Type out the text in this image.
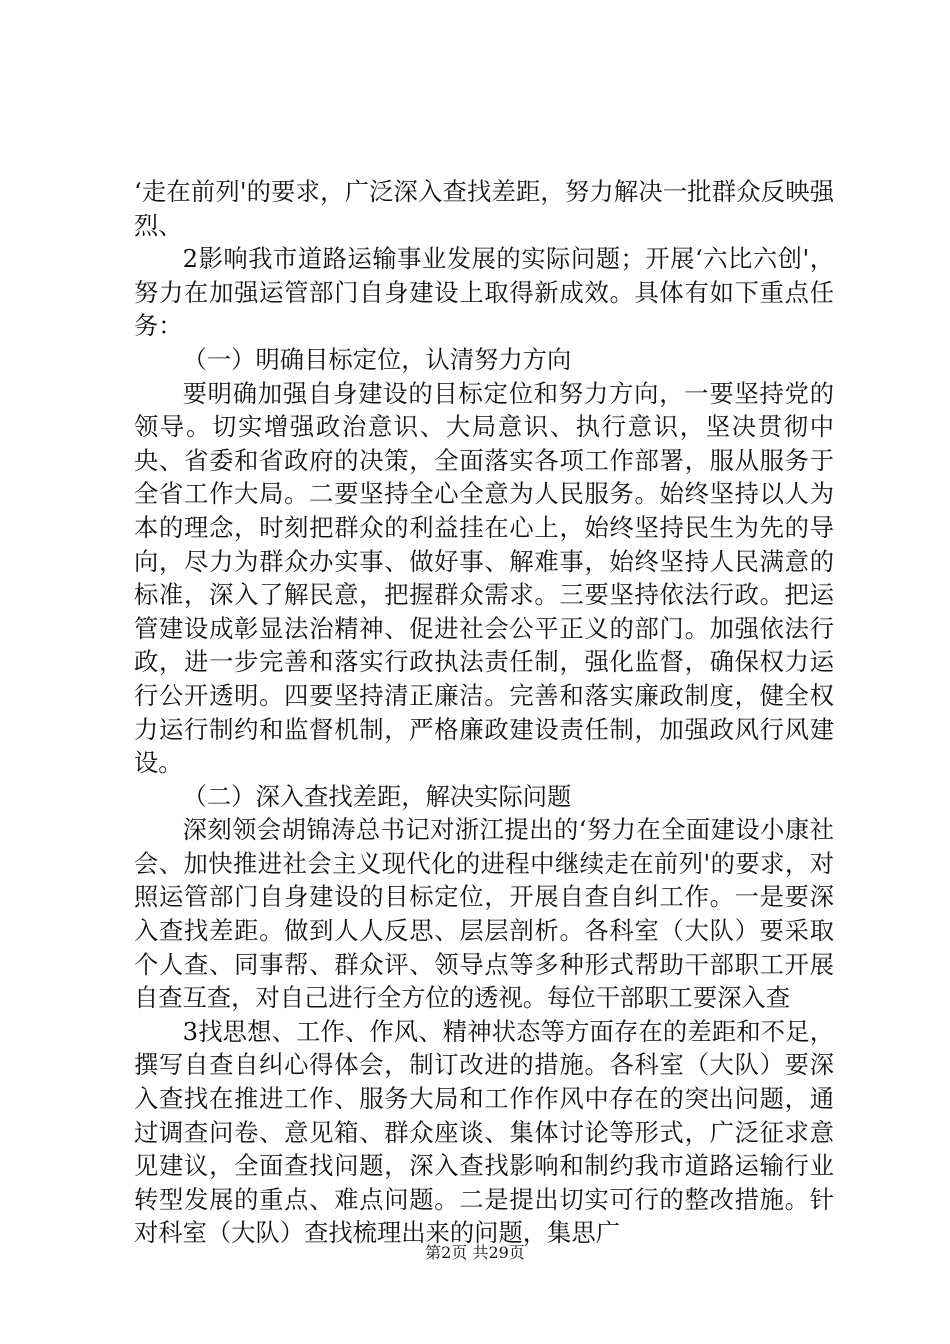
‘走在前列'的要求，广泛深入查找差距，努力解决一批群众反映强烈、

2影响我市道路运输事业发展的实际问题；开展‘六比六创'，努力在加强运管部门自身建设上取得新成效。具体有如下重点任务：

（一）明确目标定位，认清努力方向

要明确加强自身建设的目标定位和努力方向，一要坚持党的领导。切实增强政治意识、大局意识、执行意识，坚决贯彻中央、省委和省政府的决策，全面落实各项工作部署，服从服务于全省工作大局。二要坚持全心全意为人民服务。始终坚持以人为本的理念，时刻把群众的利益挂在心上，始终坚持民生为先的导向，尽力为群众办实事、做好事、解难事，始终坚持人民满意的标准，深入了解民意，把握群众需求。三要坚持依法行政。把运管建设成彰显法治精神、促进社会公平正义的部门。加强依法行政，进一步完善和落实行政执法责任制，强化监督，确保权力运行公开透明。四要坚持清正廉洁。完善和落实廉政制度，健全权力运行制约和监督机制，严格廉政建设责任制，加强政风行风建设。

（二）深入查找差距，解决实际问题

深刻领会胡锦涛总书记对浙江提出的‘努力在全面建设小康社会、加快推进社会主义现代化的进程中继续走在前列'的要求，对照运管部门自身建设的目标定位，开展自查自纠工作。一是要深入查找差距。做到人人反思、层层剖析。各科室（大队）要采取个人查、同事帮、群众评、领导点等多种形式帮助干部职工开展自查互查，对自己进行全方位的透视。每位干部职工要深入查

3找思想、工作、作风、精神状态等方面存在的差距和不足，撰写自查自纠心得体会，制订改进的措施。各科室（大队）要深入查找在推进工作、服务大局和工作作风中存在的突出问题，通过调查问卷、意见箱、群众座谈、集体讨论等形式，广泛征求意见建议，全面查找问题，深入查找影响和制约我市道路运输行业转型发展的重点、难点问题。二是提出切实可行的整改措施。针对科室（大队）查找梳理出来的问题，集思广

第2页 共29页
